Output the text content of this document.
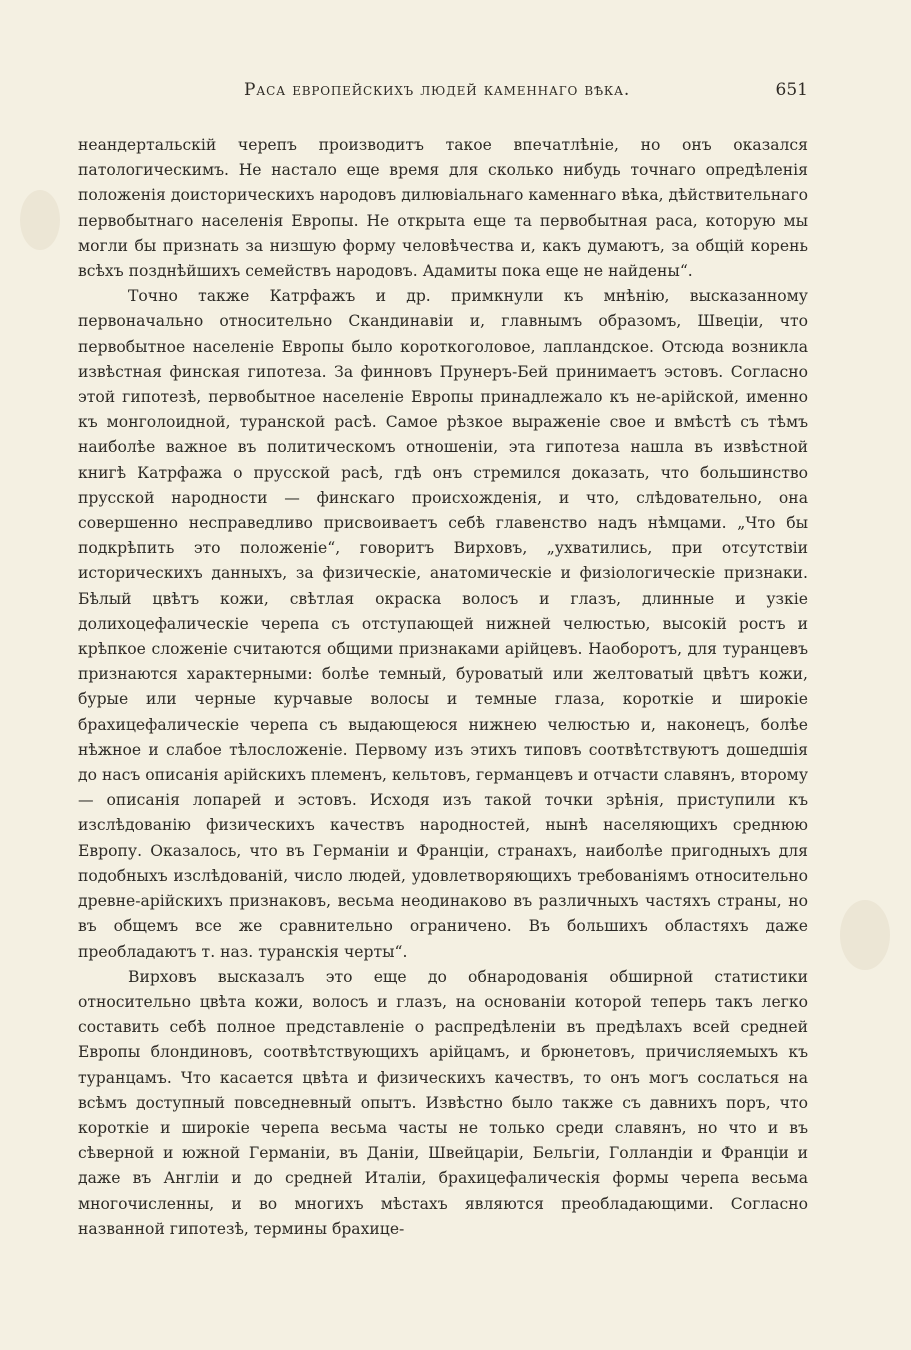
Раса европейскихъ людей каменнаго вѣка.	651

неандертальскій черепъ производитъ такое впечатлѣніе, но онъ оказался патологическимъ. Не настало еще время для сколько нибудь точнаго опредѣленія положенія доисторическихъ народовъ дилювіальнаго каменнаго вѣка, дѣйствительнаго первобытнаго населенія Европы. Не открыта еще та первобытная раса, которую мы могли бы признать за низшую форму человѣчества и, какъ думаютъ, за общій корень всѣхъ позднѣйшихъ семействъ народовъ. Адамиты пока еще не найдены“.

Точно также Катрфажъ и др. примкнули къ мнѣнію, высказанному первоначально относительно Скандинавіи и, главнымъ образомъ, Швеціи, что первобытное населеніе Европы было короткоголовое, лапландское. Отсюда возникла извѣстная финская гипотеза. За финновъ Прунеръ-Бей принимаетъ эстовъ. Согласно этой гипотезѣ, первобытное населеніе Европы принадлежало къ не-арійской, именно къ монголоидной, туранской расѣ. Самое рѣзкое выраженіе свое и вмѣстѣ съ тѣмъ наиболѣе важное въ политическомъ отношеніи, эта гипотеза нашла въ извѣстной книгѣ Катрфажа о прусской расѣ, гдѣ онъ стремился доказать, что большинство прусской народности — финскаго происхожденія, и что, слѣдовательно, она совершенно несправедливо присвоиваетъ себѣ главенство надъ нѣмцами. „Что бы подкрѣпить это положеніе“, говоритъ Вирховъ, „ухватились, при отсутствіи историческихъ данныхъ, за физическіе, анатомическіе и физіологическіе признаки. Бѣлый цвѣтъ кожи, свѣтлая окраска волосъ и глазъ, длинные и узкіе долихоцефалическіе черепа съ отступающей нижней челюстью, высокій ростъ и крѣпкое сложеніе считаются общими признаками арійцевъ. Наоборотъ, для туранцевъ признаются характерными: болѣе темный, буроватый или желтоватый цвѣтъ кожи, бурые или черные курчавые волосы и темные глаза, короткіе и широкіе брахицефалическіе черепа съ выдающеюся нижнею челюстью и, наконецъ, болѣе нѣжное и слабое тѣлосложеніе. Первому изъ этихъ типовъ соотвѣтствуютъ дошедшія до насъ описанія арійскихъ племенъ, кельтовъ, германцевъ и отчасти славянъ, второму — описанія лопарей и эстовъ. Исходя изъ такой точки зрѣнія, приступили къ изслѣдованію физическихъ качествъ народностей, нынѣ населяющихъ среднюю Европу. Оказалось, что въ Германіи и Франціи, странахъ, наиболѣе пригодныхъ для подобныхъ изслѣдованій, число людей, удовлетворяющихъ требованіямъ относительно древне-арійскихъ признаковъ, весьма неодинаково въ различныхъ частяхъ страны, но въ общемъ все же сравнительно ограничено. Въ большихъ областяхъ даже преобладаютъ т. наз. туранскія черты“.

Вирховъ высказалъ это еще до обнародованія обширной статистики относительно цвѣта кожи, волосъ и глазъ, на основаніи которой теперь такъ легко составить себѣ полное представленіе о распредѣленіи въ предѣлахъ всей средней Европы блондиновъ, соотвѣтствующихъ арійцамъ, и брюнетовъ, причисляемыхъ къ туранцамъ. Что касается цвѣта и физическихъ качествъ, то онъ могъ сослаться на всѣмъ доступный повседневный опытъ. Извѣстно было также съ давнихъ поръ, что короткіе и широкіе черепа весьма часты не только среди славянъ, но что и въ сѣверной и южной Германіи, въ Даніи, Швейцаріи, Бельгіи, Голландіи и Франціи и даже въ Англіи и до средней Италіи, брахицефалическія формы черепа весьма многочисленны, и во многихъ мѣстахъ являются преобладающими. Согласно названной гипотезѣ, термины брахице-
